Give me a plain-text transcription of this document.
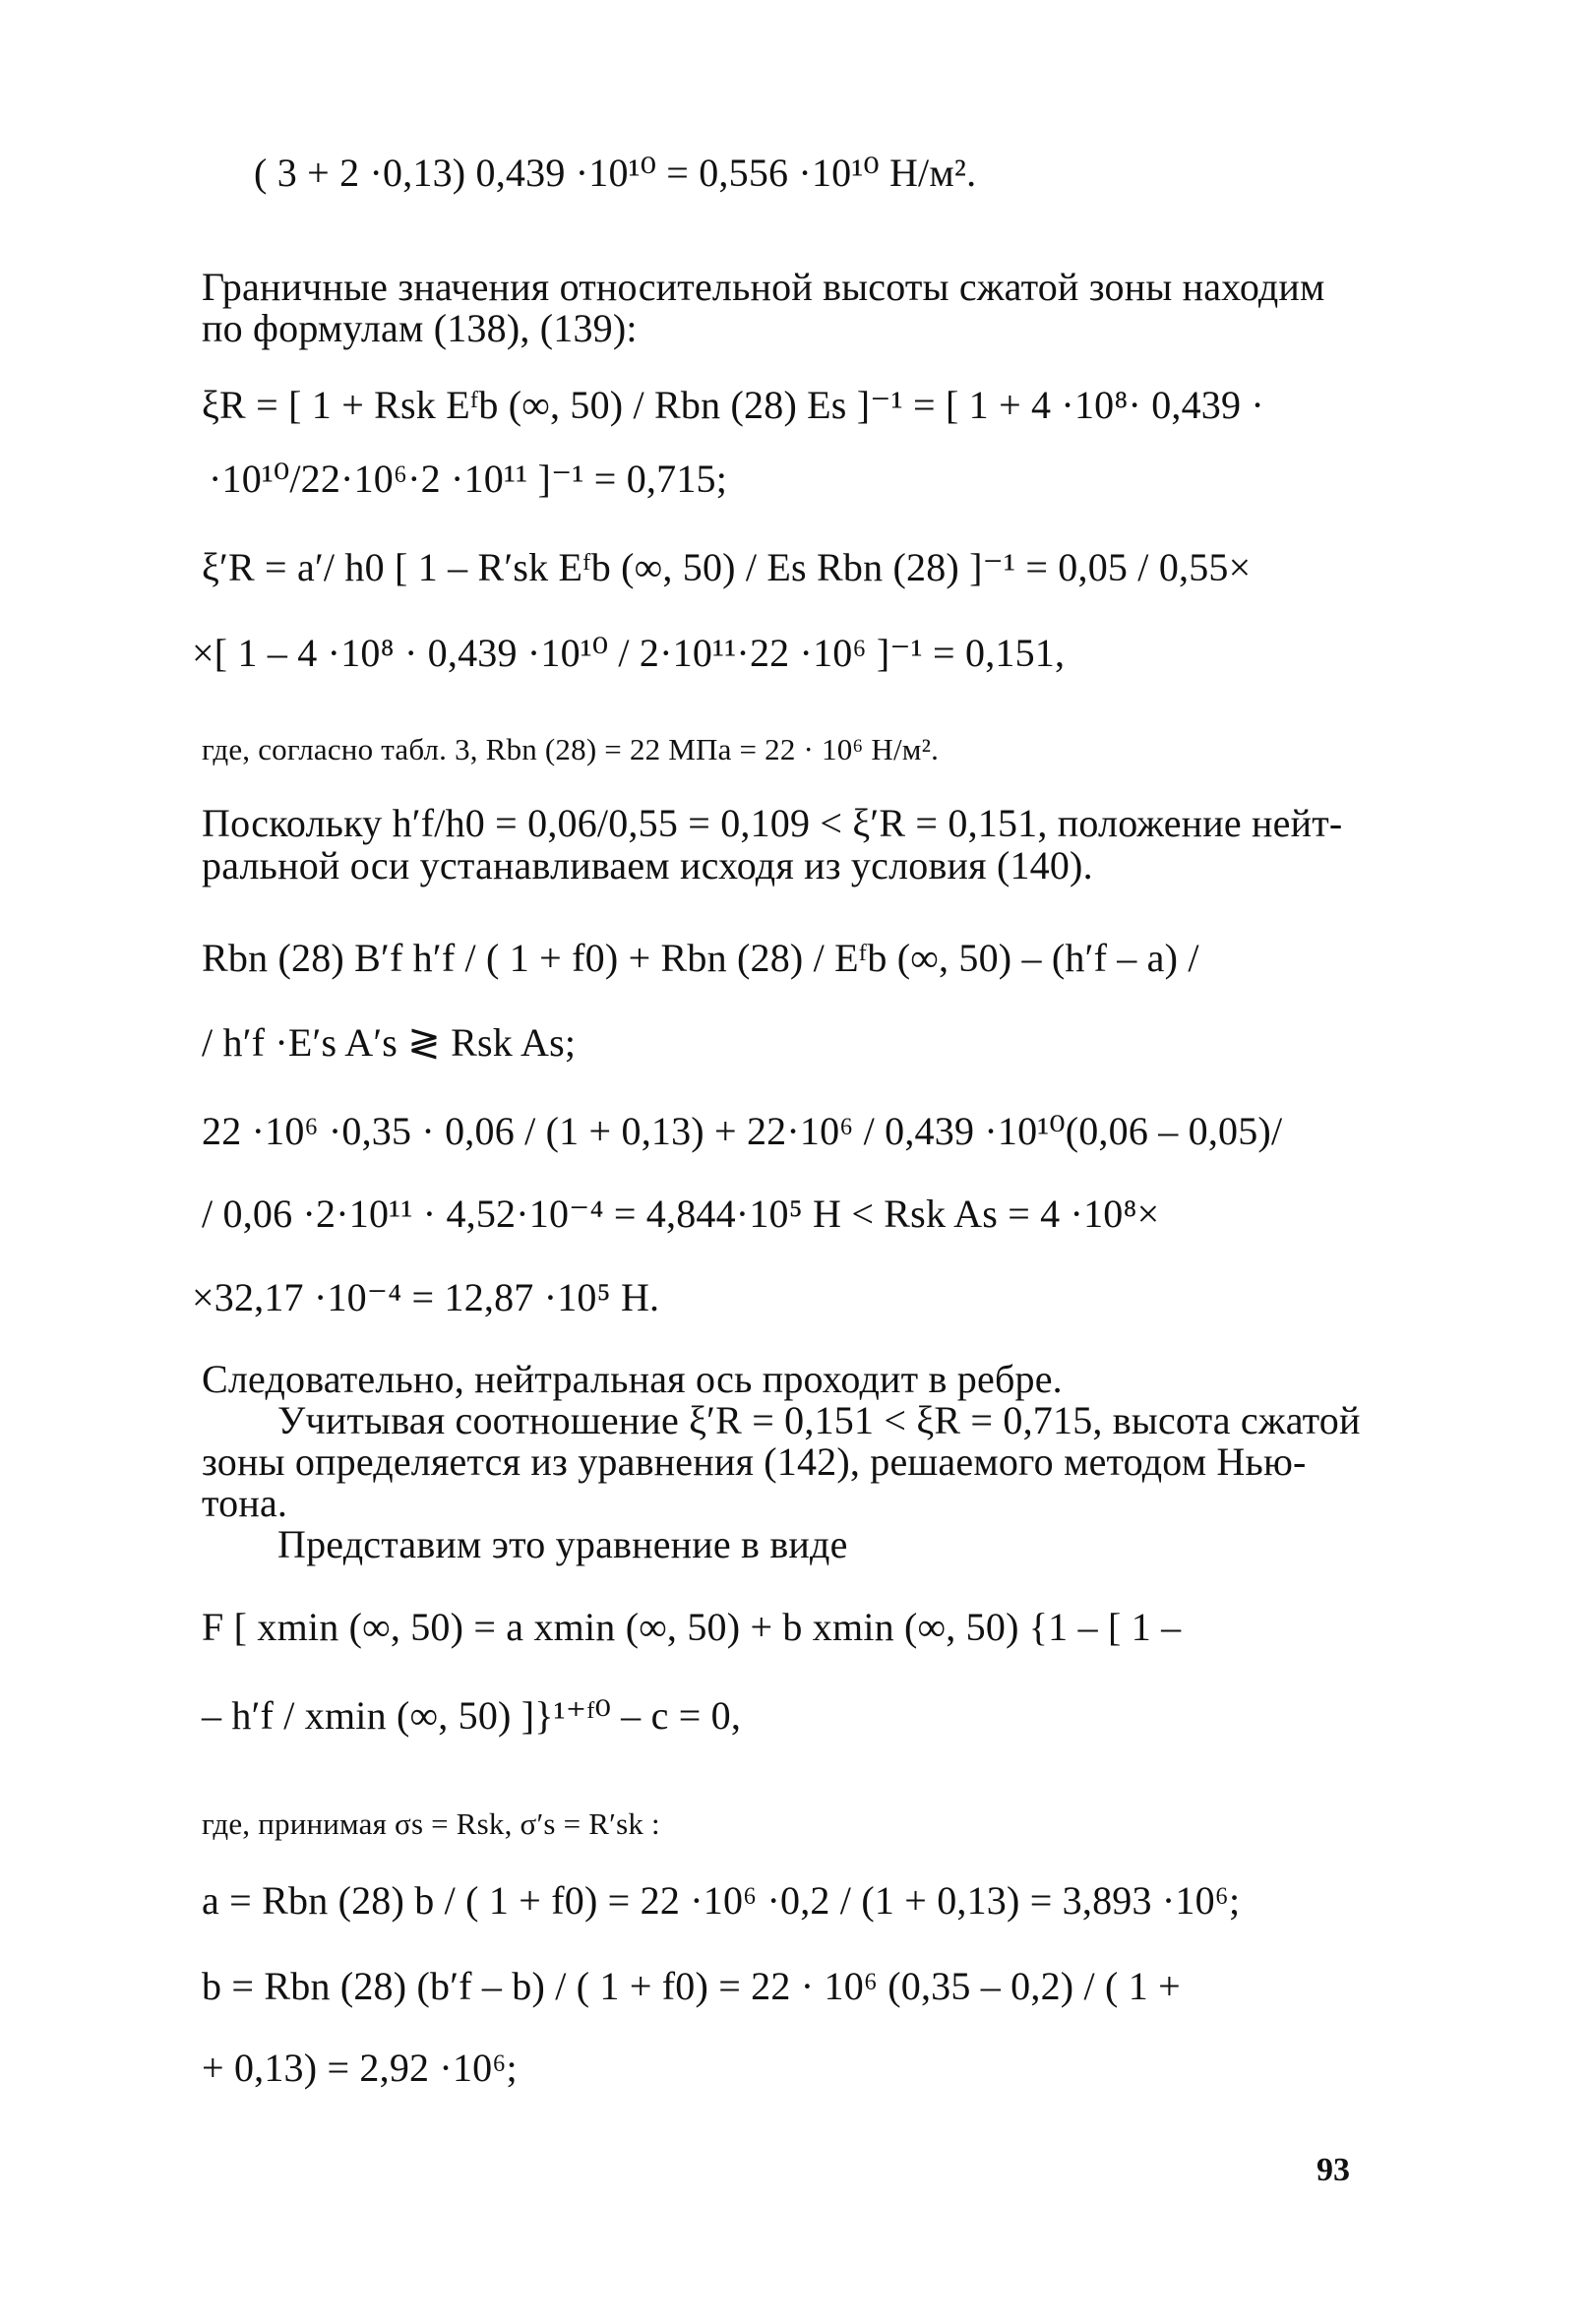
( 3 + 2 ·0,13) 0,439 ·10¹⁰ = 0,556 ·10¹⁰ Н/м².
Граничные значения относительной высоты сжатой зоны находим
по формулам (138), (139):
ξR = [ 1 + Rsk Eᶠb (∞, 50) / Rbn (28) Es ]⁻¹ = [ 1 + 4 ·10⁸· 0,439 ·
·10¹⁰/22·10⁶·2 ·10¹¹ ]⁻¹ = 0,715;
ξ′R = a′/ h0 [ 1 – R′sk Eᶠb (∞, 50) / Es Rbn (28) ]⁻¹ = 0,05 / 0,55×
×[ 1 – 4 ·10⁸ · 0,439 ·10¹⁰ / 2·10¹¹·22 ·10⁶ ]⁻¹ = 0,151,
где, согласно табл. 3, Rbn (28) = 22 МПа = 22 · 10⁶ Н/м².
Поскольку h′f/h0 = 0,06/0,55 = 0,109 < ξ′R = 0,151, положение нейт-
ральной оси устанавливаем исходя из условия (140).
Rbn (28) B′f h′f / ( 1 + f0) + Rbn (28) / Eᶠb (∞, 50) – (h′f – a) /
/ h′f ·E′s A′s ≷ Rsk As;
22 ·10⁶ ·0,35 · 0,06 / (1 + 0,13) + 22·10⁶ / 0,439 ·10¹⁰(0,06 – 0,05)/
/ 0,06 ·2·10¹¹ · 4,52·10⁻⁴ = 4,844·10⁵ Н < Rsk As = 4 ·10⁸×
×32,17 ·10⁻⁴ = 12,87 ·10⁵ Н.
Следовательно, нейтральная ось проходит в ребре.
Учитывая соотношение ξ′R = 0,151 < ξR = 0,715, высота сжатой
зоны определяется из уравнения (142), решаемого методом Нью-
тона.
Представим это уравнение в виде
F [ xmin (∞, 50) = a xmin (∞, 50) + b xmin (∞, 50) {1 – [ 1 –
– h′f / xmin (∞, 50) ]}¹⁺ᶠ⁰ – c = 0,
где, принимая σs = Rsk, σ′s = R′sk :
a = Rbn (28) b / ( 1 + f0) = 22 ·10⁶ ·0,2 / (1 + 0,13) = 3,893 ·10⁶;
b = Rbn (28) (b′f – b) / ( 1 + f0) = 22 · 10⁶ (0,35 – 0,2) / ( 1 +
+ 0,13) = 2,92 ·10⁶;
93
